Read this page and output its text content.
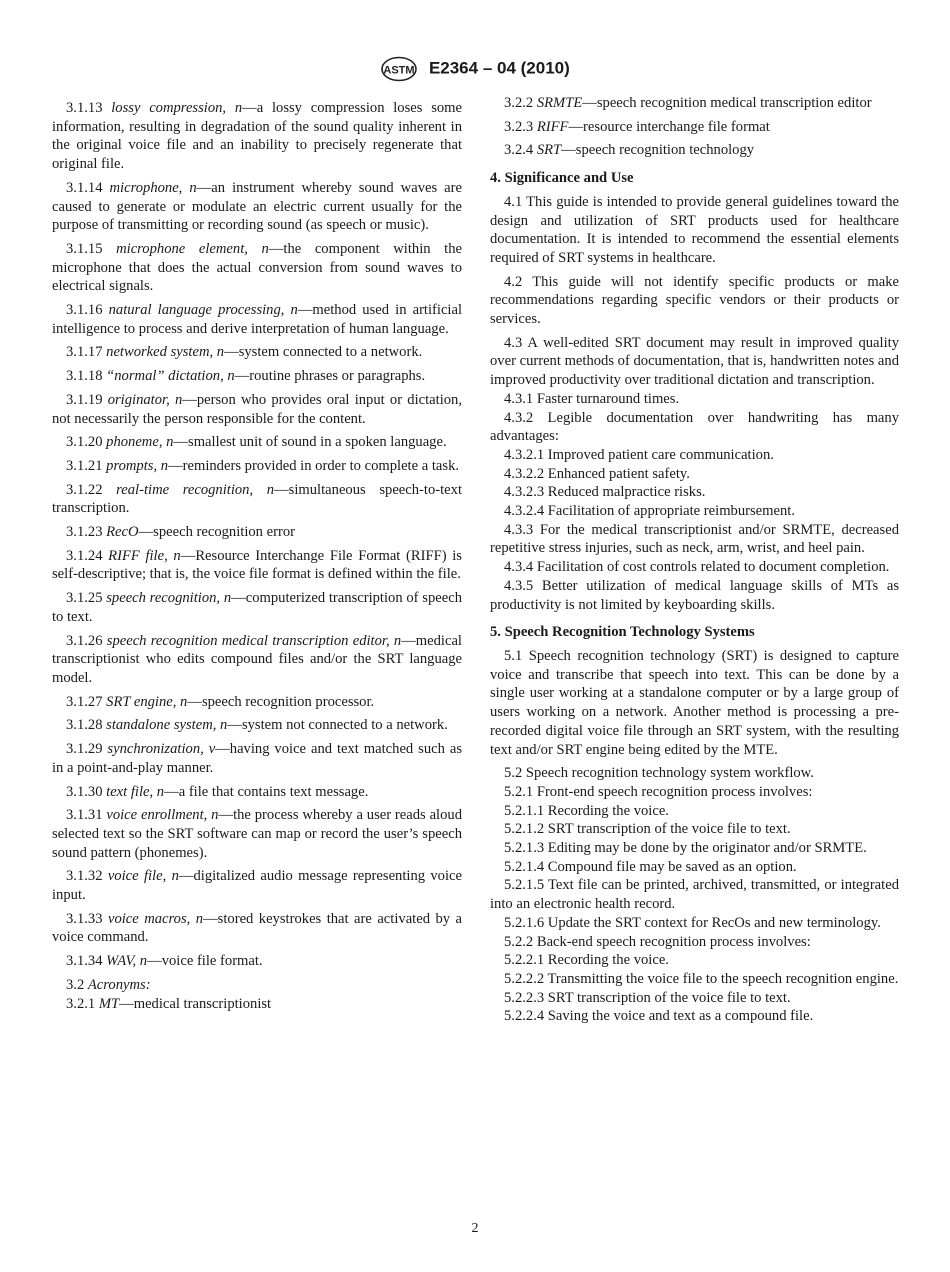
ASTM E2364 – 04 (2010)

3.1.13 lossy compression, n—a lossy compression loses some information, resulting in degradation of the sound quality inherent in the original voice file and an inability to precisely regenerate that original file.

3.1.14 microphone, n—an instrument whereby sound waves are caused to generate or modulate an electric current usually for the purpose of transmitting or recording sound (as speech or music).

3.1.15 microphone element, n—the component within the microphone that does the actual conversion from sound waves to electrical signals.

3.1.16 natural language processing, n—method used in artificial intelligence to process and derive interpretation of human language.

3.1.17 networked system, n—system connected to a network.

3.1.18 “normal” dictation, n—routine phrases or paragraphs.

3.1.19 originator, n—person who provides oral input or dictation, not necessarily the person responsible for the content.

3.1.20 phoneme, n—smallest unit of sound in a spoken language.

3.1.21 prompts, n—reminders provided in order to complete a task.

3.1.22 real-time recognition, n—simultaneous speech-to-text transcription.

3.1.23 RecO—speech recognition error

3.1.24 RIFF file, n—Resource Interchange File Format (RIFF) is self-descriptive; that is, the voice file format is defined within the file.

3.1.25 speech recognition, n—computerized transcription of speech to text.

3.1.26 speech recognition medical transcription editor, n—medical transcriptionist who edits compound files and/or the SRT language model.

3.1.27 SRT engine, n—speech recognition processor.

3.1.28 standalone system, n—system not connected to a network.

3.1.29 synchronization, v—having voice and text matched such as in a point-and-play manner.

3.1.30 text file, n—a file that contains text message.

3.1.31 voice enrollment, n—the process whereby a user reads aloud selected text so the SRT software can map or record the user’s speech sound pattern (phonemes).

3.1.32 voice file, n—digitalized audio message representing voice input.

3.1.33 voice macros, n—stored keystrokes that are activated by a voice command.

3.1.34 WAV, n—voice file format.

3.2 Acronyms:

3.2.1 MT—medical transcriptionist

3.2.2 SRMTE—speech recognition medical transcription editor

3.2.3 RIFF—resource interchange file format

3.2.4 SRT—speech recognition technology

4. Significance and Use

4.1 This guide is intended to provide general guidelines toward the design and utilization of SRT products used for healthcare documentation. It is intended to recommend the essential elements required of SRT systems in healthcare.

4.2 This guide will not identify specific products or make recommendations regarding specific vendors or their products or services.

4.3 A well-edited SRT document may result in improved quality over current methods of documentation, that is, handwritten notes and improved productivity over traditional dictation and transcription.

4.3.1 Faster turnaround times.

4.3.2 Legible documentation over handwriting has many advantages:

4.3.2.1 Improved patient care communication.

4.3.2.2 Enhanced patient safety.

4.3.2.3 Reduced malpractice risks.

4.3.2.4 Facilitation of appropriate reimbursement.

4.3.3 For the medical transcriptionist and/or SRMTE, decreased repetitive stress injuries, such as neck, arm, wrist, and heel pain.

4.3.4 Facilitation of cost controls related to document completion.

4.3.5 Better utilization of medical language skills of MTs as productivity is not limited by keyboarding skills.

5. Speech Recognition Technology Systems

5.1 Speech recognition technology (SRT) is designed to capture voice and transcribe that speech into text. This can be done by a single user working at a standalone computer or by a large group of users working on a network. Another method is processing a pre-recorded digital voice file through an SRT system, with the resulting text and/or SRT engine being edited by the MTE.

5.2 Speech recognition technology system workflow.

5.2.1 Front-end speech recognition process involves:

5.2.1.1 Recording the voice.

5.2.1.2 SRT transcription of the voice file to text.

5.2.1.3 Editing may be done by the originator and/or SRMTE.

5.2.1.4 Compound file may be saved as an option.

5.2.1.5 Text file can be printed, archived, transmitted, or integrated into an electronic health record.

5.2.1.6 Update the SRT context for RecOs and new terminology.

5.2.2 Back-end speech recognition process involves:

5.2.2.1 Recording the voice.

5.2.2.2 Transmitting the voice file to the speech recognition engine.

5.2.2.3 SRT transcription of the voice file to text.

5.2.2.4 Saving the voice and text as a compound file.

2
